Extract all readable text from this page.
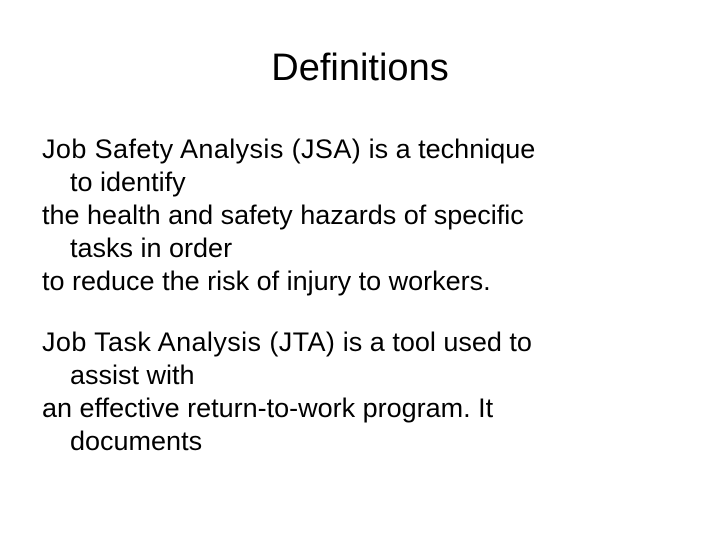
Definitions
Job Safety Analysis (JSA) is a technique
to identify
the health and safety hazards of specific
tasks in order
to reduce the risk of injury to workers.
Job Task Analysis (JTA) is a tool used to
assist with
an effective return-to-work program. It
documents
